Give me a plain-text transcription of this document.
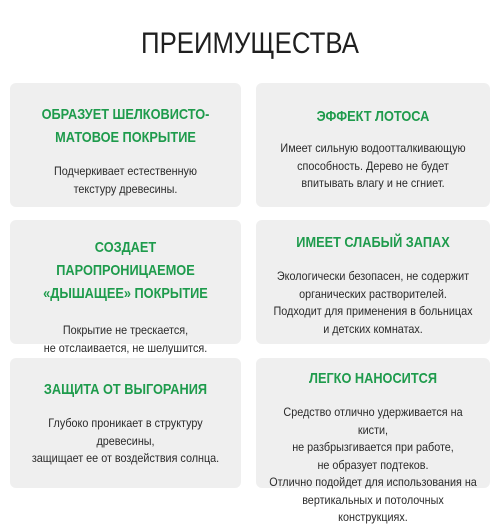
ПРЕИМУЩЕСТВА
ОБРАЗУЕТ ШЕЛКОВИСТО-
МАТОВОЕ ПОКРЫТИЕ
Подчеркивает естественную
текстуру древесины.
ЭФФЕКТ ЛОТОСА
Имеет сильную водоотталкивающую
способность. Дерево не будет
впитывать влагу и не сгниет.
СОЗДАЕТ ПАРОПРОНИЦАЕМОЕ
«ДЫШАЩЕЕ» ПОКРЫТИЕ
Покрытие не трескается,
не отслаивается, не шелушится.
ИМЕЕТ СЛАБЫЙ ЗАПАХ
Экологически безопасен, не содержит
органических растворителей.
Подходит для применения в больницах
и детских комнатах.
ЗАЩИТА ОТ ВЫГОРАНИЯ
Глубоко проникает в структуру древесины,
защищает ее от воздействия солнца.
ЛЕГКО НАНОСИТСЯ
Средство отлично удерживается на кисти,
не разбрызгивается при работе,
не образует подтеков.
Отлично подойдет для использования на
вертикальных и потолочных конструкциях.
